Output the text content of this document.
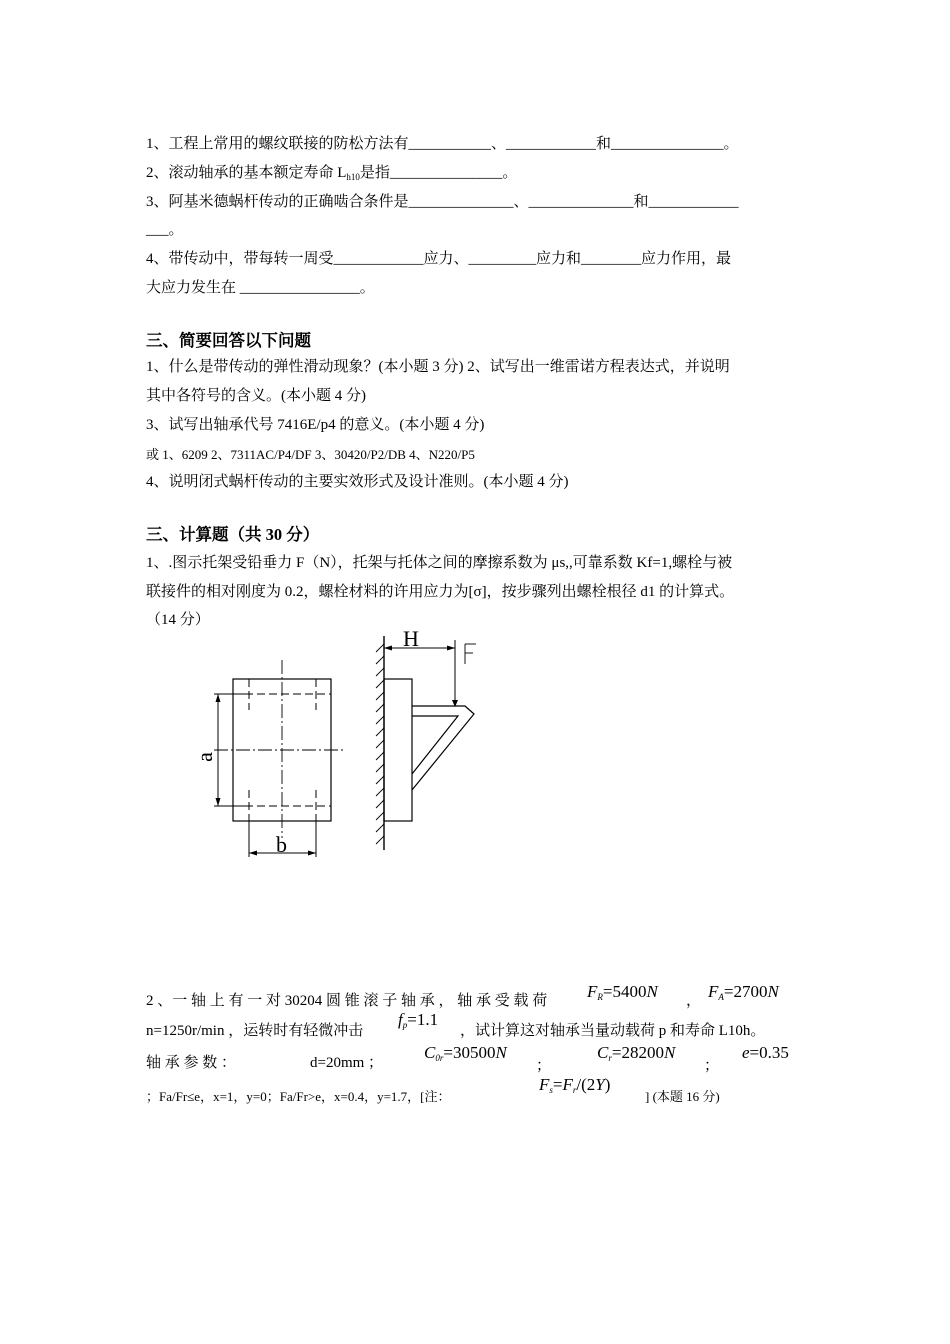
1、工程上常用的螺纹联接的防松方法有___________、____________和_______________。
2、滚动轴承的基本额定寿命 $L_{h10}$是指_______________。
3、阿基米德蜗杆传动的正确啮合条件是______________、______________和____________
___。
4、带传动中，带每转一周受____________应力、_________应力和________应力作用，最
大应力发生在 ________________。
三、简要回答以下问题
1、什么是带传动的弹性滑动现象？(本小题 3 分) 2、试写出一维雷诺方程表达式，并说明
其中各符号的含义。(本小题 4 分)
3、试写出轴承代号 7416E/p4 的意义。(本小题 4 分)
或 1、6209 2、7311AC/P4/DF 3、30420/P2/DB 4、N220/P5
4、说明闭式蜗杆传动的主要实效形式及设计准则。(本小题 4 分)
三、计算题（共 30 分）
1、.图示托架受铅垂力 F（N），托架与托体之间的摩擦系数为 μs,,可靠系数 Kf=1,螺栓与被
联接件的相对刚度为 0.2，螺栓材料的许用应力为[σ]，按步骤列出螺栓根径 d1 的计算式。
（14 分）
H
a
b
2 、一 轴 上 有 一 对 30204 圆 锥 滚 子 轴 承 ， 轴 承 受 载 荷 $F_R=5400N$ ， $F_A=2700N$
n=1250r/min ，运转时有轻微冲击
$f_p=1.1$
，试计算这对轴承当量动载荷 p 和寿命 L10h。
轴 承 参 数 ：	d=20mm ；
$C_{0r}=30500N$
；
$C_r=28200N$
；
e=0.35
；Fa/Fr≤e，x=1，y=0；Fa/Fr>e，x=0.4，y=1.7，[注：
$F_s=F_r/(2Y)$
] (本题 16 分)
